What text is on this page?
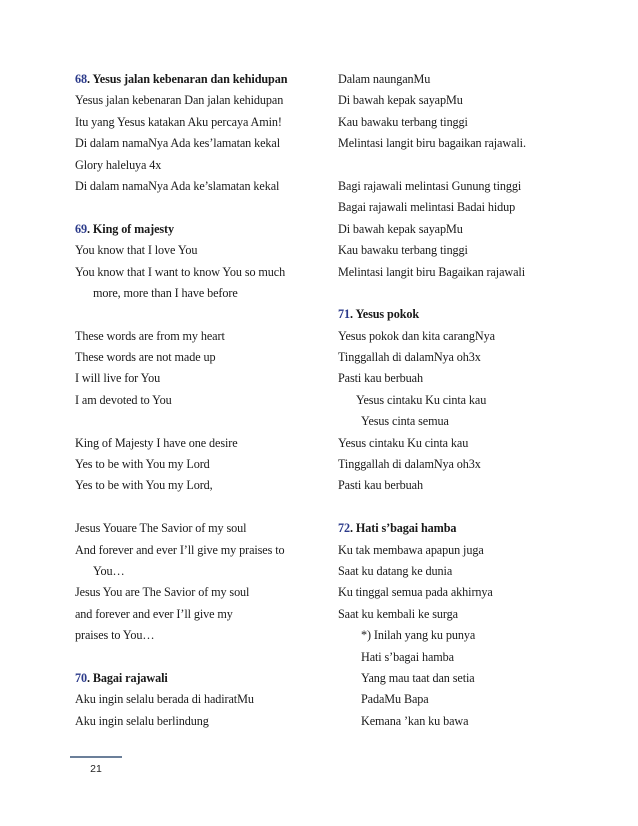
68. Yesus jalan kebenaran dan kehidupan
Yesus jalan kebenaran Dan jalan kehidupan
Itu yang Yesus katakan Aku percaya Amin!
Di dalam namaNya Ada kes’lamatan kekal
Glory haleluya 4x
Di dalam namaNya Ada ke’slamatan kekal
69. King of majesty
You know that I love You
You know that I want to know You so much
more, more than I have before
These words are from my heart
These words are not made up
I will live for You
I am devoted to You
King of Majesty I have one desire
Yes to be with You my Lord
Yes to be with You my Lord,
Jesus Youare The Savior of my soul
And forever and ever I’ll give my praises to
You…
Jesus You are The Savior of my soul
and forever and ever I’ll give my
praises to You…
70. Bagai rajawali
Aku ingin selalu berada di hadiratMu
Aku ingin selalu berlindung
Dalam naunganMu
Di bawah kepak sayapMu
Kau bawaku terbang tinggi
Melintasi langit biru bagaikan rajawali.
Bagi rajawali melintasi Gunung tinggi
Bagai rajawali melintasi Badai hidup
Di bawah kepak sayapMu
Kau bawaku terbang tinggi
Melintasi langit biru Bagaikan rajawali
71. Yesus pokok
Yesus pokok dan kita carangNya
Tinggallah di dalamNya oh3x
Pasti kau berbuah
Yesus cintaku Ku cinta kau
Yesus cinta semua
Yesus cintaku Ku cinta kau
Tinggallah di dalamNya oh3x
Pasti kau berbuah
72. Hati s’bagai hamba
Ku tak membawa apapun juga
Saat ku datang ke dunia
Ku tinggal semua pada akhirnya
Saat ku kembali ke surga
*) Inilah yang ku punya
Hati s’bagai hamba
Yang mau taat dan setia
PadaMu Bapa
Kemana ’kan ku bawa
21
